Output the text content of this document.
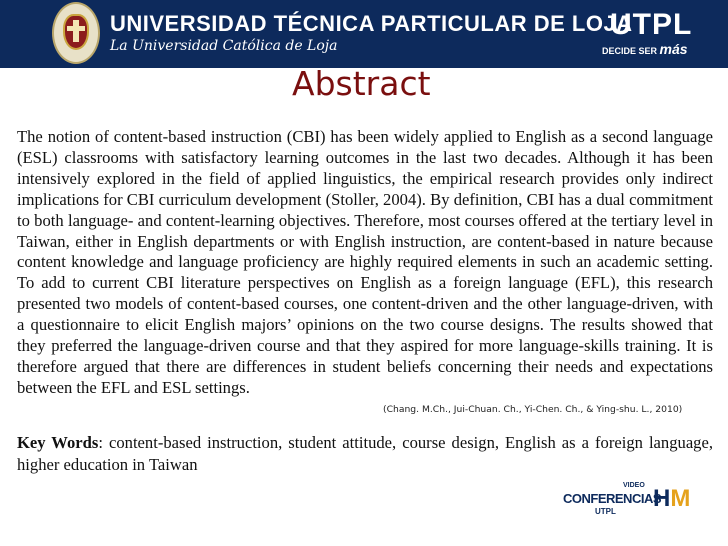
UNIVERSIDAD TÉCNICA PARTICULAR DE LOJA
La Universidad Católica de Loja
UTPL
DECIDE SER más
Abstract

The notion of content-based instruction (CBI) has been widely applied to English as a second language (ESL) classrooms with satisfactory learning outcomes in the last two decades. Although it has been intensively explored in the field of applied linguistics, the empirical research provides only indirect implications for CBI curriculum development (Stoller, 2004). By definition, CBI has a dual commitment to both language- and content-learning objectives. Therefore, most courses offered at the tertiary level in Taiwan, either in English departments or with English instruction, are content-based in nature because content knowledge and language proficiency are highly required elements in such an academic setting. To add to current CBI literature perspectives on English as a foreign language (EFL), this research presented two models of content-based courses, one content-driven and the other language-driven, with a questionnaire to elicit English majors’ opinions on the two course designs. The results showed that they preferred the language-driven course and that they aspired for more language-skills training. It is therefore argued that there are differences in student beliefs concerning their needs and expectations between the EFL and ESL settings.

(Chang. M.Ch., Jui-Chuan. Ch., Yi-Chen. Ch., & Ying-shu. L., 2010)
Key Words: content-based instruction, student attitude, course design, English as a foreign language, higher education in Taiwan
VIDEO
CONFERENCIAS
UTPL HM
